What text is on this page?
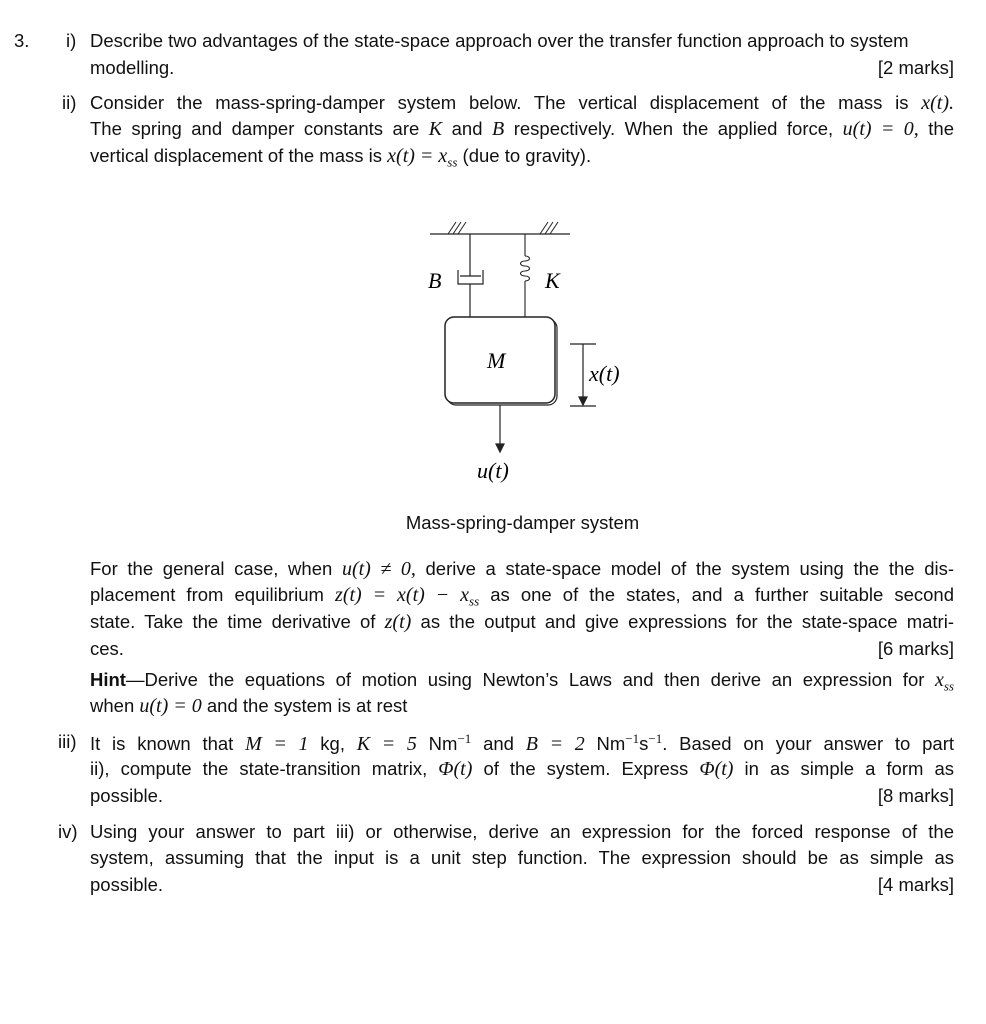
3. i) Describe two advantages of the state-space approach over the transfer function approach to system
modelling.	[2 marks]
ii) Consider the mass-spring-damper system below. The vertical displacement of the mass is x(t).
The spring and damper constants are K and B respectively. When the applied force, u(t) = 0, the
vertical displacement of the mass is $x(t) = x_{ss}$ (due to gravity).
B	K
M
x(t)
u(t)
Mass-spring-damper system
For the general case, when u(t) ≠ 0, derive a state-space model of the system using the the dis-
placement from equilibrium $z(t) = x(t) - x_{ss}$ as one of the states, and a further suitable second
state. Take the time derivative of z(t) as the output and give expressions for the state-space matri-
ces.	[6 marks]
Hint—Derive the equations of motion using Newton’s Laws and then derive an expression for $x_{ss}$
when u(t) = 0 and the system is at rest
iii) It is known that M = 1 kg, K = 5 $Nm^{-1}$ and B = 2 $Nm^{-1}s^{-1}$. Based on your answer to part
ii), compute the state-transition matrix, Φ(t) of the system. Express Φ(t) in as simple a form as
possible.	[8 marks]
iv) Using your answer to part iii) or otherwise, derive an expression for the forced response of the
system, assuming that the input is a unit step function. The expression should be as simple as
possible.	[4 marks]
